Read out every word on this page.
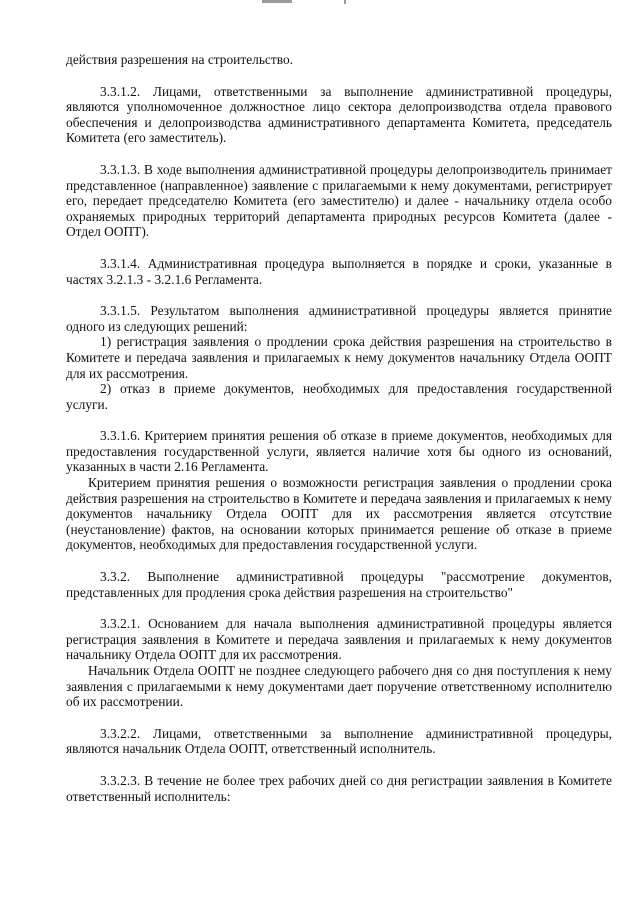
действия разрешения на строительство.

3.3.1.2. Лицами, ответственными за выполнение административной процедуры, являются уполномоченное должностное лицо сектора делопроизводства отдела правового обеспечения и делопроизводства административного департамента Комитета, председатель Комитета (его заместитель).

3.3.1.3. В ходе выполнения административной процедуры делопроизводитель принимает представленное (направленное) заявление с прилагаемыми к нему документами, регистрирует его, передает председателю Комитета (его заместителю) и далее - начальнику отдела особо охраняемых природных территорий департамента природных ресурсов Комитета (далее - Отдел ООПТ).

3.3.1.4. Административная процедура выполняется в порядке и сроки, указанные в частях 3.2.1.3 - 3.2.1.6 Регламента.

3.3.1.5. Результатом выполнения административной процедуры является принятие одного из следующих решений:

1) регистрация заявления о продлении срока действия разрешения на строительство в Комитете и передача заявления и прилагаемых к нему документов начальнику Отдела ООПТ для их рассмотрения.

2) отказ в приеме документов, необходимых для предоставления государственной услуги.

3.3.1.6. Критерием принятия решения об отказе в приеме документов, необходимых для предоставления государственной услуги, является наличие хотя бы одного из оснований, указанных в части 2.16 Регламента.

Критерием принятия решения о возможности регистрация заявления о продлении срока действия разрешения на строительство в Комитете и передача заявления и прилагаемых к нему документов начальнику Отдела ООПТ для их рассмотрения является отсутствие (неустановление) фактов, на основании которых принимается решение об отказе в приеме документов, необходимых для предоставления государственной услуги.

3.3.2. Выполнение административной процедуры "рассмотрение документов, представленных для продления срока действия разрешения на строительство"

3.3.2.1. Основанием для начала выполнения административной процедуры является регистрация заявления в Комитете и передача заявления и прилагаемых к нему документов начальнику Отдела ООПТ для их рассмотрения.

Начальник Отдела ООПТ не позднее следующего рабочего дня со дня поступления к нему заявления с прилагаемыми к нему документами дает поручение ответственному исполнителю об их рассмотрении.

3.3.2.2. Лицами, ответственными за выполнение административной процедуры, являются начальник Отдела ООПТ, ответственный исполнитель.

3.3.2.3. В течение не более трех рабочих дней со дня регистрации заявления в Комитете ответственный исполнитель:
